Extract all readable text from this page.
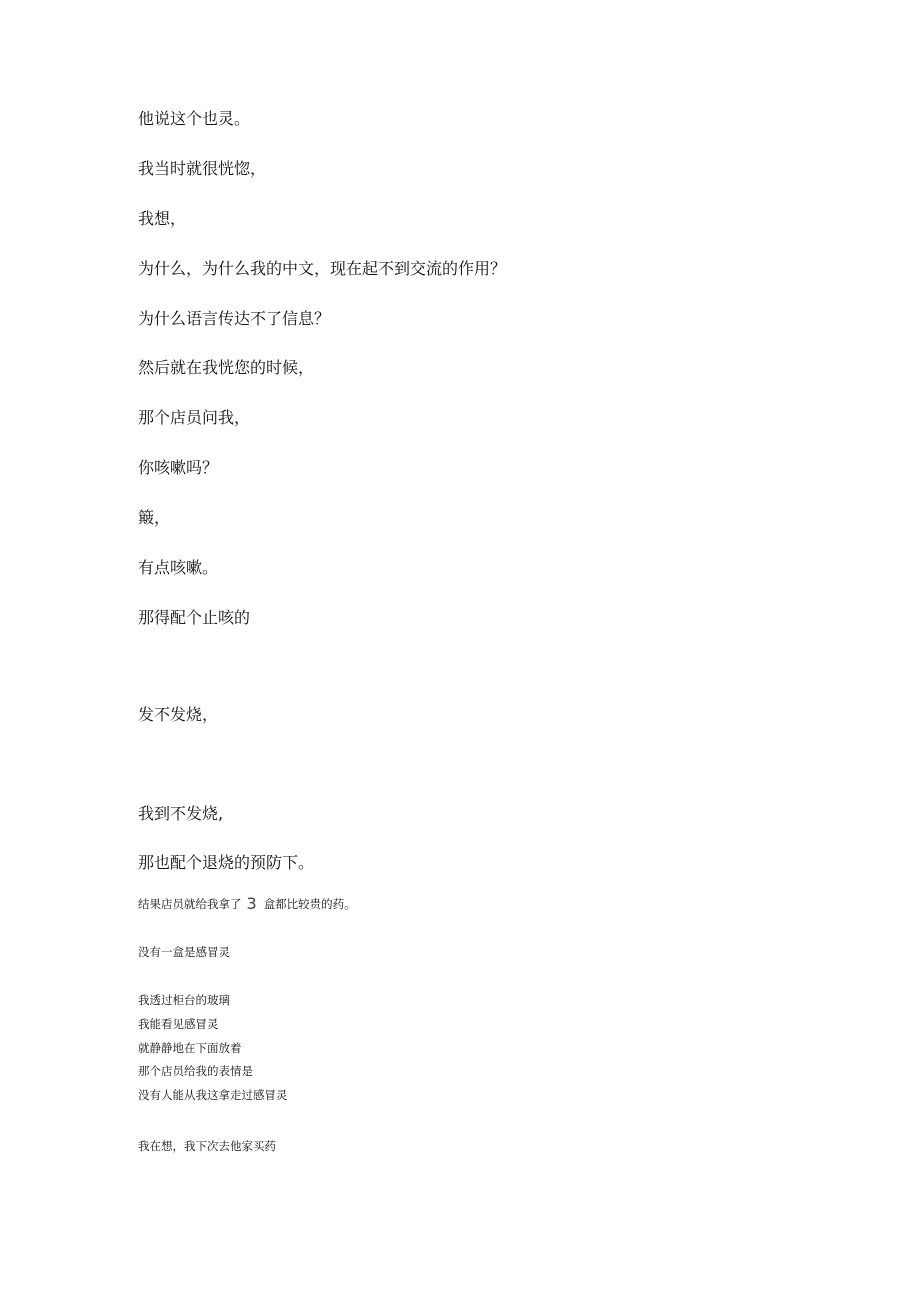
他说这个也灵。
我当时就很恍惚，
我想，
为什么，为什么我的中文，现在起不到交流的作用？
为什么语言传达不了信息？
然后就在我恍您的时候，
那个店员问我，
你咳嗽吗？
簸，
有点咳嗽。
那得配个止咳的
发不发烧，
我到不发烧,
那也配个退烧的预防下。
结果店员就给我拿了 3 盒都比较贵的药。
没有一盒是感冒灵
我透过柜台的玻璃
我能看见感冒灵
就静静地在下面放着
那个店员给我的表情是
没有人能从我这拿走过感冒灵
我在想，我下次去他家买药
